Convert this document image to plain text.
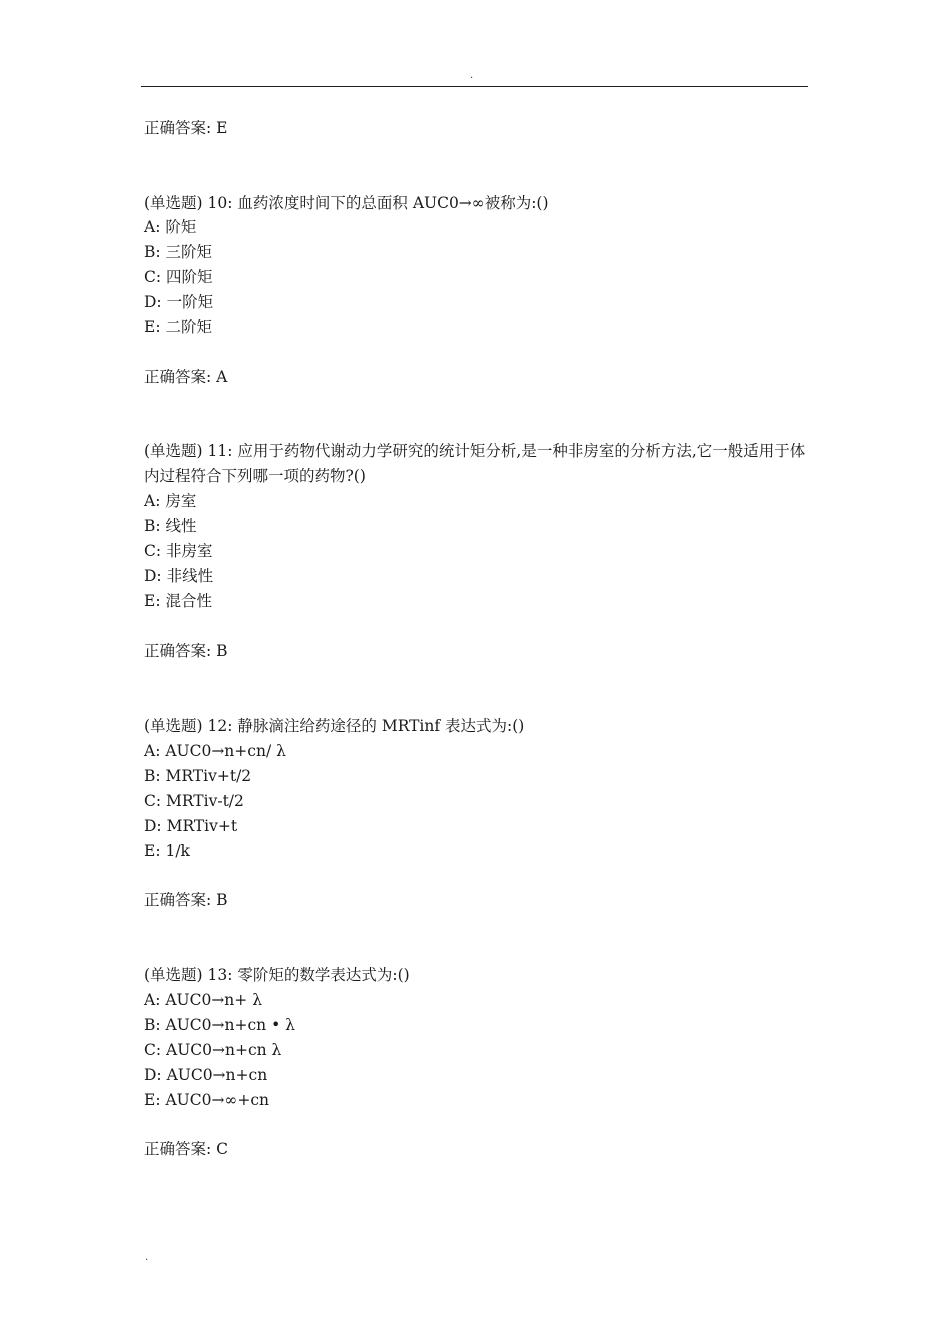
.
正确答案: E
(单选题) 10: 血药浓度时间下的总面积 AUC0→∞被称为:()
A: 阶矩
B: 三阶矩
C: 四阶矩
D: 一阶矩
E: 二阶矩
正确答案: A
(单选题) 11: 应用于药物代谢动力学研究的统计矩分析,是一种非房室的分析方法,它一般适用于体内过程符合下列哪一项的药物?()
A: 房室
B: 线性
C: 非房室
D: 非线性
E: 混合性
正确答案: B
(单选题) 12: 静脉滴注给药途径的 MRTinf 表达式为:()
A: AUC0→n+cn/ λ
B: MRTiv+t/2
C: MRTiv-t/2
D: MRTiv+t
E: 1/k
正确答案: B
(单选题) 13: 零阶矩的数学表达式为:()
A: AUC0→n+ λ
B: AUC0→n+cn • λ
C: AUC0→n+cn λ
D: AUC0→n+cn
E: AUC0→∞+cn
正确答案: C
.
